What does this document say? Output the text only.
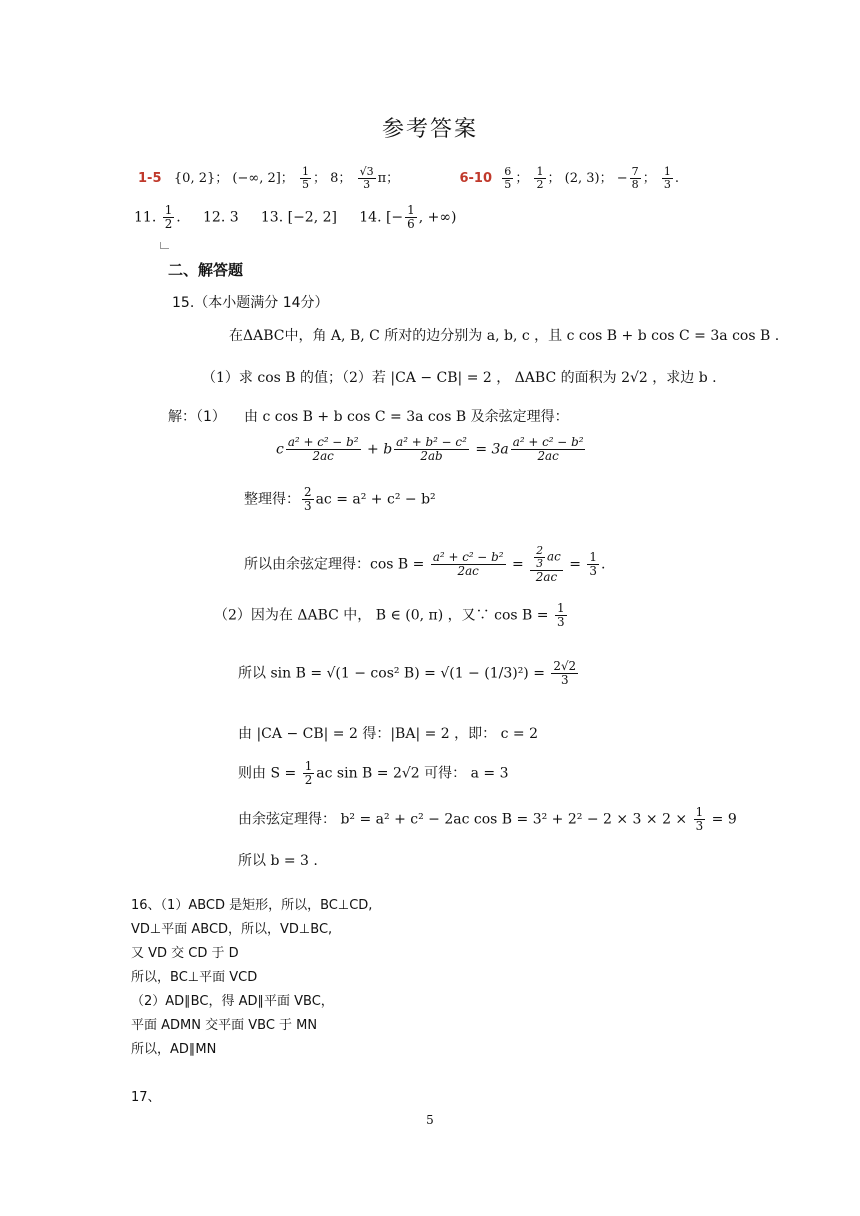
参考答案
1-5 {0, 2}； (−∞, 2]； $\frac{1}{5}$ ； 8； $\frac{√3}{3}$ π；	$6-10 \frac{6}{5}$ ； $\frac{1}{2}$ ； (2, 3)； − $\frac{7}{8}$ ； $\frac{1}{3}$ .
11. $\frac{1}{2}$ .     12. 3 13. [−2, 2] 14. [− $\frac{1}{6}$ , +∞)
二、解答题
15.（本小题满分 14分）
在ΔABC中，角 A, B, C 所对的边分别为 a, b, c ，且 c cos B + b cos C = 3a cos B .
（1）求 cos B 的值；（2）若 |CA − CB| = 2 ， ΔABC 的面积为 2√2 ，求边 b .
解：（1） 由 c cos B + b cos C = 3a cos B 及余弦定理得：
c $\frac{\text{a² + c² − b²}}{2ac} + b \frac{\text{a² + b² − c²}}{2ab} = 3a \frac{\text{a² + c² − b²}}{2ac}$
整理得： $\frac{2}{3}$ ac = a² + c² − b²
所以由余弦定理得：$\cos B = \frac{\text{a² + c² − b²}}{2ac} = \frac{\frac{2}{3} ac}{2ac} = \frac{1}{3}$ .
（2）因为在 ΔABC 中， B ∈ (0, π) ，又∵ $\cos B = \frac{1}{3}$
所以 sin B = √(1 − cos² $B) = √(1 - (1/3)^2) = \frac{2√2}{3}$
由 |CA − CB| = 2 得：|BA| = 2 ，即： c = 2
则由 $S = \frac{1}{2}$ ac sin B = 2√2 可得： a = 3
由余弦定理得： b² = a² + c² − 2ac $\cos B = 3^2 + 2^2 - 2 \times 3 \times 2 \times \frac{1}{3} = 9$
所以 b = 3 .
16、（1）ABCD 是矩形，所以，BC⊥CD,
VD⊥平面 ABCD，所以，VD⊥BC,
又 VD 交 CD 于 D
所以，BC⊥平面 VCD
（2）AD∥BC，得 AD∥平面 VBC，
平面 ADMN 交平面 VBC 于 MN
所以，AD∥MN
17、
5
